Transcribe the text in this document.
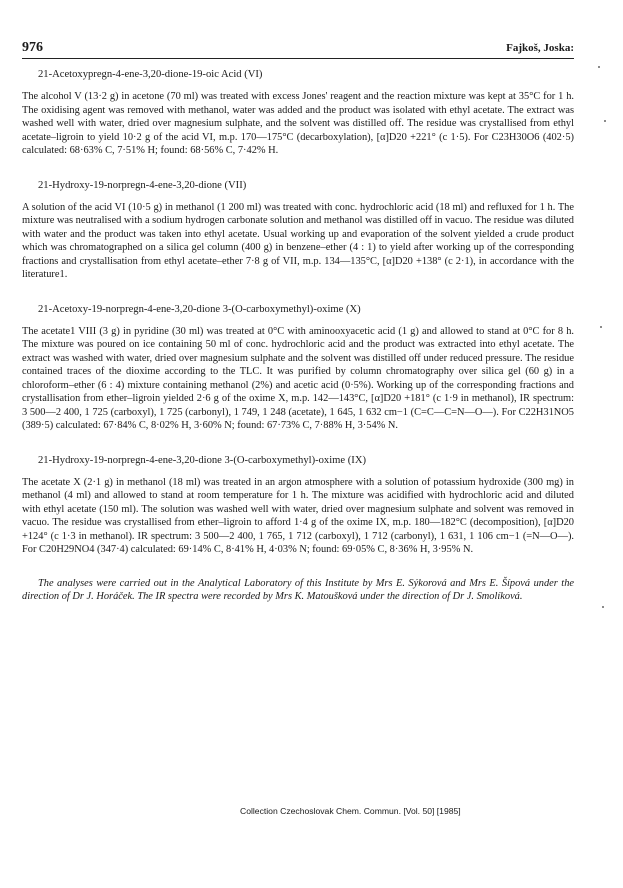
976	Fajkoš, Joska:
21-Acetoxypregn-4-ene-3,20-dione-19-oic Acid (VI)

The alcohol V (13·2 g) in acetone (70 ml) was treated with excess Jones' reagent and the reaction mixture was kept at 35°C for 1 h. The oxidising agent was removed with methanol, water was added and the product was isolated with ethyl acetate. The extract was washed well with water, dried over magnesium sulphate, and the solvent was distilled off. The residue was crystallised from ethyl acetate–ligroin to yield 10·2 g of the acid VI, m.p. 170—175°C (decarboxylation), [α]D20 +221° (c 1·5). For C23H30O6 (402·5) calculated: 68·63% C, 7·51% H; found: 68·56% C, 7·42% H.

21-Hydroxy-19-norpregn-4-ene-3,20-dione (VII)

A solution of the acid VI (10·5 g) in methanol (1 200 ml) was treated with conc. hydrochloric acid (18 ml) and refluxed for 1 h. The mixture was neutralised with a sodium hydrogen carbonate solution and methanol was distilled off in vacuo. The residue was diluted with water and the product was taken into ethyl acetate. Usual working up and evaporation of the solvent yielded a crude product which was chromatographed on a silica gel column (400 g) in benzene–ether (4 : 1) to yield after working up of the corresponding fractions and crystallisation from ethyl acetate–ether 7·8 g of VII, m.p. 134—135°C, [α]D20 +138° (c 2·1), in accordance with the literature1.

21-Acetoxy-19-norpregn-4-ene-3,20-dione 3-(O-carboxymethyl)-oxime (X)

The acetate1 VIII (3 g) in pyridine (30 ml) was treated at 0°C with aminooxyacetic acid (1 g) and allowed to stand at 0°C for 8 h. The mixture was poured on ice containing 50 ml of conc. hydrochloric acid and the product was extracted into ethyl acetate. The extract was washed with water, dried over magnesium sulphate and the solvent was distilled off under reduced pressure. The residue contained traces of the dioxime according to the TLC. It was purified by column chromatography over silica gel (60 g) in a chloroform–ether (6 : 4) mixture containing methanol (2%) and acetic acid (0·5%). Working up of the corresponding fractions and crystallisation from ether–ligroin yielded 2·6 g of the oxime X, m.p. 142—143°C, [α]D20 +181° (c 1·9 in methanol), IR spectrum: 3 500—2 400, 1 725 (carboxyl), 1 725 (carbonyl), 1 749, 1 248 (acetate), 1 645, 1 632 cm−1 (C=C—C=N—O—). For C22H31NO5 (389·5) calculated: 67·84% C, 8·02% H, 3·60% N; found: 67·73% C, 7·88% H, 3·54% N.

21-Hydroxy-19-norpregn-4-ene-3,20-dione 3-(O-carboxymethyl)-oxime (IX)

The acetate X (2·1 g) in methanol (18 ml) was treated in an argon atmosphere with a solution of potassium hydroxide (300 mg) in methanol (4 ml) and allowed to stand at room temperature for 1 h. The mixture was acidified with hydrochloric acid and diluted with ethyl acetate (150 ml). The solution was washed well with water, dried over magnesium sulphate and solvent was removed in vacuo. The residue was crystallised from ether–ligroin to afford 1·4 g of the oxime IX, m.p. 180—182°C (decomposition), [α]D20 +124° (c 1·3 in methanol). IR spectrum: 3 500—2 400, 1 765, 1 712 (carboxyl), 1 712 (carbonyl), 1 631, 1 106 cm−1 (=N—O—). For C20H29NO4 (347·4) calculated: 69·14% C, 8·41% H, 4·03% N; found: 69·05% C, 8·36% H, 3·95% N.

The analyses were carried out in the Analytical Laboratory of this Institute by Mrs E. Sýkorová and Mrs E. Šípová under the direction of Dr J. Horáček. The IR spectra were recorded by Mrs K. Matoušková under the direction of Dr J. Smolíková.

Collection Czechoslovak Chem. Commun. [Vol. 50] [1985]
